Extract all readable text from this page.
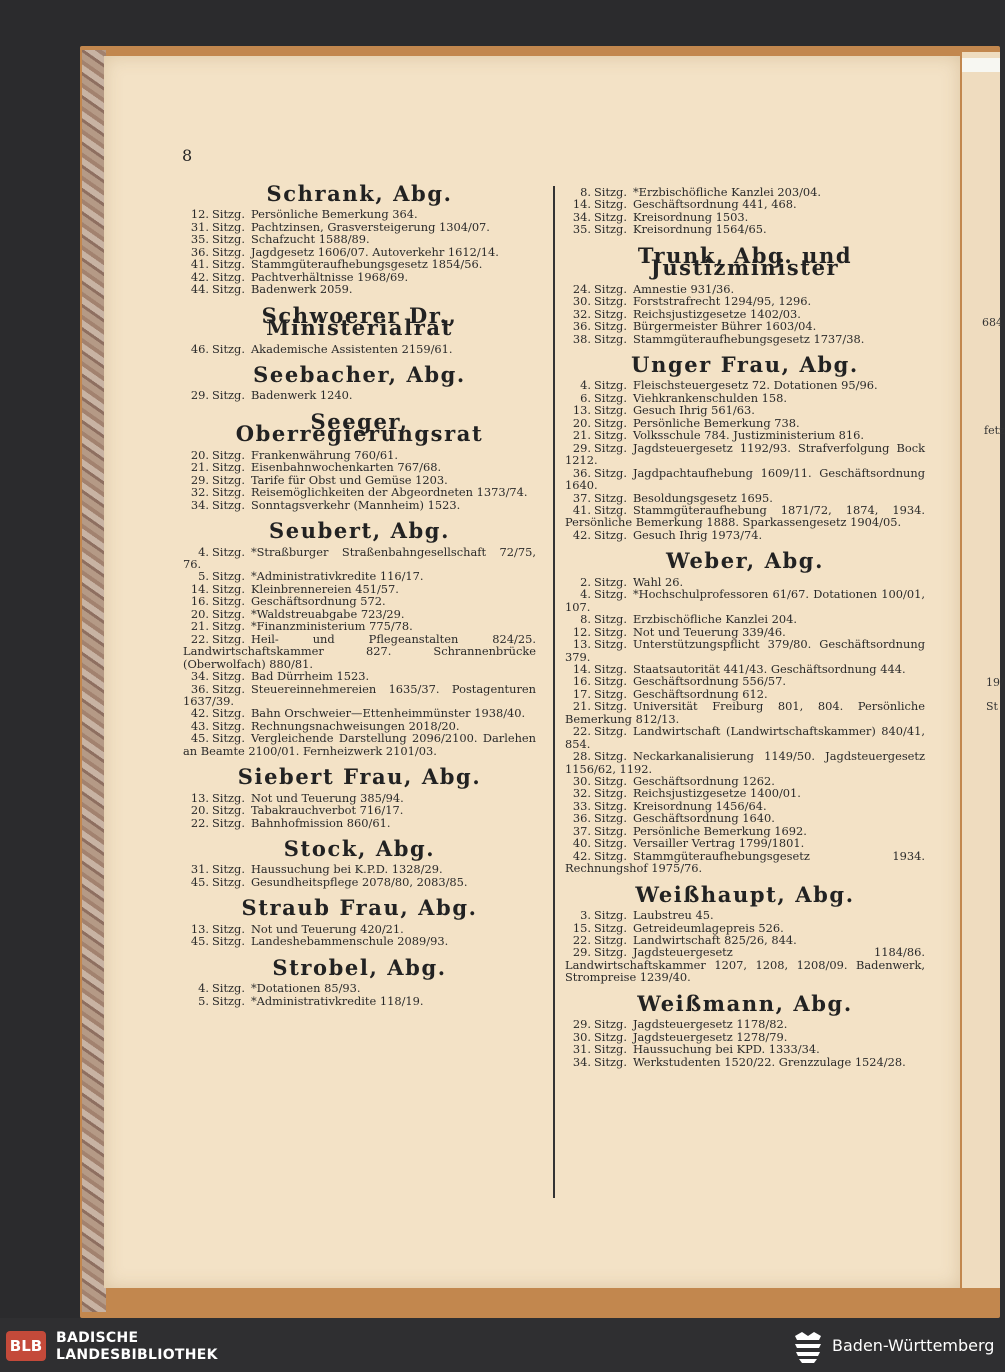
684
fetz
19/
St
8
Schrank, Abg.
12. Sitzg. Persönliche Bemerkung 364.
31. Sitzg. Pachtzinsen, Grasversteigerung 1304/07.
35. Sitzg. Schafzucht 1588/89.
36. Sitzg. Jagdgesetz 1606/07. Autoverkehr 1612/14.
41. Sitzg. Stammgüteraufhebungsgesetz 1854/56.
42. Sitzg. Pachtverhältnisse 1968/69.
44. Sitzg. Badenwerk 2059.
Schwoerer Dr., Ministerialrat
46. Sitzg. Akademische Assistenten 2159/61.
Seebacher, Abg.
29. Sitzg. Badenwerk 1240.
Seeger, Oberregierungsrat
20. Sitzg. Frankenwährung 760/61.
21. Sitzg. Eisenbahnwochenkarten 767/68.
29. Sitzg. Tarife für Obst und Gemüse 1203.
32. Sitzg. Reisemöglichkeiten der Abgeordneten 1373/74.
34. Sitzg. Sonntagsverkehr (Mannheim) 1523.
Seubert, Abg.
4. Sitzg. *Straßburger Straßenbahngesellschaft 72/75, 76.
5. Sitzg. *Administrativkredite 116/17.
14. Sitzg. Kleinbrennereien 451/57.
16. Sitzg. Geschäftsordnung 572.
20. Sitzg. *Waldstreuabgabe 723/29.
21. Sitzg. *Finanzministerium 775/78.
22. Sitzg. Heil- und Pflegeanstalten 824/25. Landwirtschaftskammer 827. Schrannenbrücke (Oberwolfach) 880/81.
34. Sitzg. Bad Dürrheim 1523.
36. Sitzg. Steuereinnehmereien 1635/37. Postagenturen 1637/39.
42. Sitzg. Bahn Orschweier—Ettenheimmünster 1938/40.
43. Sitzg. Rechnungsnachweisungen 2018/20.
45. Sitzg. Vergleichende Darstellung 2096/2100. Darlehen an Beamte 2100/01. Fernheizwerk 2101/03.
Siebert Frau, Abg.
13. Sitzg. Not und Teuerung 385/94.
20. Sitzg. Tabakrauchverbot 716/17.
22. Sitzg. Bahnhofmission 860/61.
Stock, Abg.
31. Sitzg. Haussuchung bei K.P.D. 1328/29.
45. Sitzg. Gesundheitspflege 2078/80, 2083/85.
Straub Frau, Abg.
13. Sitzg. Not und Teuerung 420/21.
45. Sitzg. Landeshebammenschule 2089/93.
Strobel, Abg.
4. Sitzg. *Dotationen 85/93.
5. Sitzg. *Administrativkredite 118/19.
8. Sitzg. *Erzbischöfliche Kanzlei 203/04.
14. Sitzg. Geschäftsordnung 441, 468.
34. Sitzg. Kreisordnung 1503.
35. Sitzg. Kreisordnung 1564/65.
Trunk, Abg. und Justizminister
24. Sitzg. Amnestie 931/36.
30. Sitzg. Forststrafrecht 1294/95, 1296.
32. Sitzg. Reichsjustizgesetze 1402/03.
36. Sitzg. Bürgermeister Bührer 1603/04.
38. Sitzg. Stammgüteraufhebungsgesetz 1737/38.
Unger Frau, Abg.
4. Sitzg. Fleischsteuergesetz 72. Dotationen 95/96.
6. Sitzg. Viehkrankenschulden 158.
13. Sitzg. Gesuch Ihrig 561/63.
20. Sitzg. Persönliche Bemerkung 738.
21. Sitzg. Volksschule 784. Justizministerium 816.
29. Sitzg. Jagdsteuergesetz 1192/93. Strafverfolgung Bock 1212.
36. Sitzg. Jagdpachtaufhebung 1609/11. Geschäftsordnung 1640.
37. Sitzg. Besoldungsgesetz 1695.
41. Sitzg. Stammgüteraufhebung 1871/72, 1874, 1934. Persönliche Bemerkung 1888. Sparkassengesetz 1904/05.
42. Sitzg. Gesuch Ihrig 1973/74.
Weber, Abg.
2. Sitzg. Wahl 26.
4. Sitzg. *Hochschulprofessoren 61/67. Dotationen 100/01, 107.
8. Sitzg. Erzbischöfliche Kanzlei 204.
12. Sitzg. Not und Teuerung 339/46.
13. Sitzg. Unterstützungspflicht 379/80. Geschäftsordnung 379.
14. Sitzg. Staatsautorität 441/43. Geschäftsordnung 444.
16. Sitzg. Geschäftsordnung 556/57.
17. Sitzg. Geschäftsordnung 612.
21. Sitzg. Universität Freiburg 801, 804. Persönliche Bemerkung 812/13.
22. Sitzg. Landwirtschaft (Landwirtschaftskammer) 840/41, 854.
28. Sitzg. Neckarkanalisierung 1149/50. Jagdsteuergesetz 1156/62, 1192.
30. Sitzg. Geschäftsordnung 1262.
32. Sitzg. Reichsjustizgesetze 1400/01.
33. Sitzg. Kreisordnung 1456/64.
36. Sitzg. Geschäftsordnung 1640.
37. Sitzg. Persönliche Bemerkung 1692.
40. Sitzg. Versailler Vertrag 1799/1801.
42. Sitzg. Stammgüteraufhebungsgesetz 1934. Rechnungshof 1975/76.
Weißhaupt, Abg.
3. Sitzg. Laubstreu 45.
15. Sitzg. Getreideumlagepreis 526.
22. Sitzg. Landwirtschaft 825/26, 844.
29. Sitzg. Jagdsteuergesetz 1184/86. Landwirtschaftskammer 1207, 1208, 1208/09. Badenwerk, Strompreise 1239/40.
Weißmann, Abg.
29. Sitzg. Jagdsteuergesetz 1178/82.
30. Sitzg. Jagdsteuergesetz 1278/79.
31. Sitzg. Haussuchung bei KPD. 1333/34.
34. Sitzg. Werkstudenten 1520/22. Grenzzulage 1524/28.
BLB BADISCHE
LANDESBIBLIOTHEK	Baden-Württemberg
